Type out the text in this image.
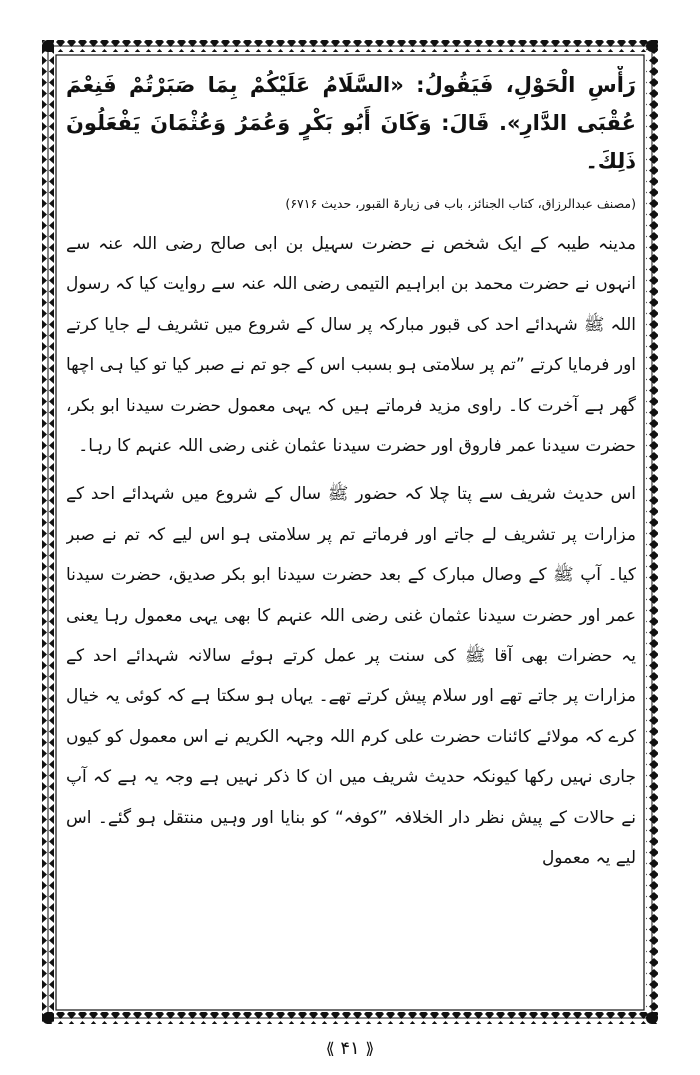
رَأْسِ الْحَوْلِ، فَيَقُولُ: «السَّلَامُ عَلَيْكُمْ بِمَا صَبَرْتُمْ فَنِعْمَ عُقْبَى الدَّارِ». قَالَ: وَكَانَ أَبُو بَكْرٍ وَعُمَرُ وَعُثْمَانَ يَفْعَلُونَ ذَلِكَ۔

(مصنف عبدالرزاق، کتاب الجنائز، باب فی زیارۃ القبور، حدیث ۶۷۱۶)

مدینہ طیبہ کے ایک شخص نے حضرت سہیل بن ابی صالح رضی اللہ عنہ سے انہوں نے حضرت محمد بن ابراہیم التیمی رضی اللہ عنہ سے روایت کیا کہ رسول اللہ ﷺ شہدائے احد کی قبور مبارکہ پر سال کے شروع میں تشریف لے جایا کرتے اور فرمایا کرتے ”تم پر سلامتی ہو بسبب اس کے جو تم نے صبر کیا تو کیا ہی اچھا گھر ہے آخرت کا۔ راوی مزید فرماتے ہیں کہ یہی معمول حضرت سیدنا ابو بکر، حضرت سیدنا عمر فاروق اور حضرت سیدنا عثمان غنی رضی اللہ عنہم کا رہا۔

اس حدیث شریف سے پتا چلا کہ حضور ﷺ سال کے شروع میں شہدائے احد کے مزارات پر تشریف لے جاتے اور فرماتے تم پر سلامتی ہو اس لیے کہ تم نے صبر کیا۔ آپ ﷺ کے وصال مبارک کے بعد حضرت سیدنا ابو بکر صدیق، حضرت سیدنا عمر اور حضرت سیدنا عثمان غنی رضی اللہ عنہم کا بھی یہی معمول رہا یعنی یہ حضرات بھی آقا ﷺ کی سنت پر عمل کرتے ہوئے سالانہ شہدائے احد کے مزارات پر جاتے تھے اور سلام پیش کرتے تھے۔ یہاں ہو سکتا ہے کہ کوئی یہ خیال کرے کہ مولائے کائنات حضرت علی کرم اللہ وجہہ الکریم نے اس معمول کو کیوں جاری نہیں رکھا کیونکہ حدیث شریف میں ان کا ذکر نہیں ہے وجہ یہ ہے کہ آپ نے حالات کے پیش نظر دار الخلافہ ”کوفہ“ کو بنایا اور وہیں منتقل ہو گئے۔ اس لیے یہ معمول

⟪ ۴۱ ⟫
